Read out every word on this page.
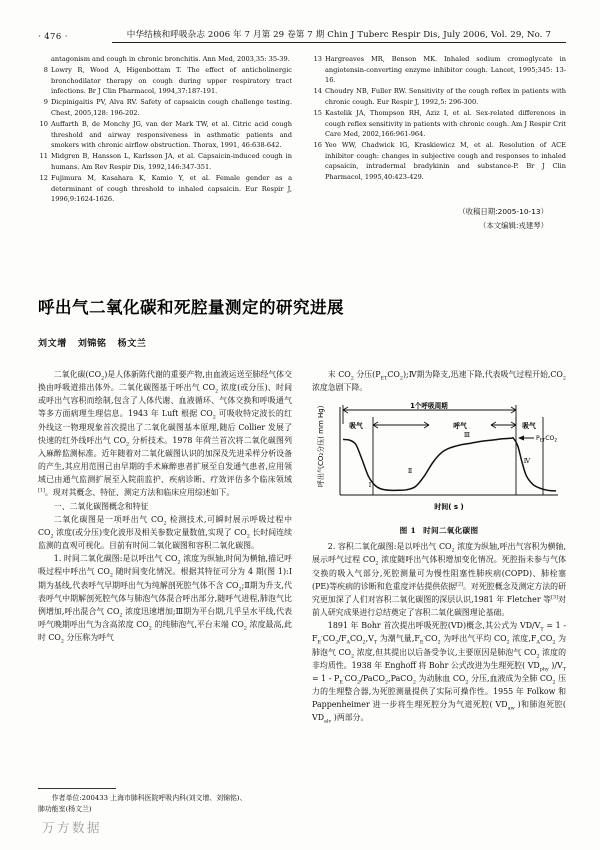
· 476 ·	中华结核和呼吸杂志 2006 年 7 月第 29 卷第 7 期 Chin J Tuberc Respir Dis, July 2006, Vol. 29, No. 7
antagonism and cough in chronic bronchitis. Ann Med, 2003,35: 35-39.
8 Lowry R, Wood A, Higenbottam T. The effect of anticholinergic bronchodilator therapy on cough during upper respiratory tract infections. Br J Clin Pharmacol, 1994,37:187-191.
9 Dicpinigaitis PV, Alva RV. Safety of capsaicin cough challenge testing. Chest, 2005,128: 196-202.
10 Auffarth B, de Monchy JG, van der Mark TW, et al. Citric acid cough threshold and airway responsiveness in asthmatic patients and smokers with chronic airflow obstruction. Thorax, 1991, 46:638-642.
11 Midgren B, Hansson L, Karlsson JA, et al. Capsaicin-induced cough in humans. Am Rev Respir Dis, 1992,146:347-351.
12 Fujimura M, Kasahara K, Kamio Y, et al. Female gender as a determinant of cough threshold to inhaled capsaicin. Eur Respir J, 1996,9:1624-1626.
13 Hargreaves MR, Benson MK. Inhaled sodium cromoglycate in angiotensin-converting enzyme inhibitor cough. Lancet, 1995;345: 13-16.
14 Choudry NB, Fuller RW. Sensitivity of the cough reflex in patients with chronic cough. Eur Respir J, 1992,5: 296-300.
15 Kastelik JA, Thompson RH, Aziz I, et al. Sex-related differences in cough reflex sensitivity in patients with chronic cough. Am J Respir Crit Care Med, 2002,166:961-964.
16 Yeo WW, Chadwick IG, Kraskiewicz M, et al. Resolution of ACE inhibitor cough: changes in subjective cough and responses to inhaled capsaicin, intradermal bradykinin and substance-P. Br J Clin Pharmacol, 1995,40:423-429.
（收稿日期:2005-10-13）
（本文编辑:戎建琴）
呼出气二氧化碳和死腔量测定的研究进展
刘文增 刘锦铭 杨文兰

二氧化碳$(CO_2)$是人体新陈代谢的重要产物,由血液运送至肺经气体交换由呼吸道排出体外。二氧化碳图基于呼出气 $CO_2$ 浓度(或分压)、时间或呼出气容积而绘制,包含了人体代谢、血液循环、气体交换和呼吸通气等多方面病理生理信息。1943 年 Luft 根据 $CO_2$ 可吸收特定波长的红外线这一物理现象首次提出了二氧化碳图基本原理,随后 Collier 发展了快速的红外线呼出气 $CO_2$ 分析技术。1978 年荷兰首次将二氧化碳图列入麻醉监测标准。近年随着对二氧化碳图认识的加深及先进采样分析设备的产生,其应用范围已由早期的手术麻醉患者扩展至自发通气患者,应用领域已由通气监测扩展至入院前监护、疾病诊断、疗效评估多个临床领域[1]。现对其概念、特征、测定方法和临床应用综述如下。

一、二氧化碳图概念和特征

二氧化碳图是一项呼出气 $CO_2$ 检测技术,可瞬时展示呼吸过程中 $CO_2$ 浓度(或分压)变化波形及相关参数定量数值,实现了 $CO_2$ 长时间连续监测的直观可视化。目前有时间二氧化碳图和容积二氧化碳图。

1. 时间二氧化碳图:是以呼出气 $CO_2$ 浓度为纵轴,时间为横轴,描记呼吸过程中呼出气 $CO_2$ 随时间变化情况。根据其特征可分为 4 期(图 1):Ⅰ期为基线,代表呼气早期呼出气为纯解剖死腔气体不含 $CO_2;Ⅱ$期为升支,代表呼气中期解剖死腔气体与肺泡气体混合呼出部分,随呼气进程,肺泡气比例增加,呼出混合气 $CO_2$ 浓度迅速增加;Ⅲ期为平台期,几乎呈水平线,代表呼气晚期呼出气为含高浓度 $CO_2$ 的纯肺泡气,平台末端 $CO_2$ 浓度最高,此时 $CO_2$ 分压称为呼气

末 $CO_2$ 分压$(P_{ET}CO_2);Ⅳ$期为降支,迅速下降,代表吸气过程开始$,CO_2$ 浓度急剧下降。

呼出气CO₂分压( mm Hg)	1个呼吸周期
吸气	呼气	吸气
$P_{ET}CO_2$
Ⅰ
Ⅱ
Ⅲ
Ⅳ
时间( s )
图 1 时间二氧化碳图

2. 容积二氧化碳图:是以呼出气 $CO_2$ 浓度为纵轴,呼出气容积为横轴,展示呼气过程 $CO_2$ 浓度随呼出气体积增加变化情况。死腔指未参与气体交换的吸入气部分,死腔测量可为慢性阻塞性肺疾病(COPD)、肺栓塞(PE)等疾病的诊断和危重度评估提供依据[2]。对死腔概念及测定方法的研究更加深了人们对容积二氧化碳图的深层认识,1981 年 Fletcher 等[3]对前人研究成果进行总结奠定了容积二氧化碳图理论基础。

1891 年 Bohr 首次提出呼吸死腔(VD)概念,其公式为 $VD/V_T = 1 - F_E^-CO_2/F_ACO_2,V_T$ 为潮气量$,F_E^-CO_2$ 为呼出气平均 $CO_2$ 浓度$,F_ACO_2$ 为肺泡气 $CO_2$ 浓度,但其提出以后备受争议,主要原因是肺泡气 $CO_2$ 浓度的非均质性。1938 年 Enghoff 将 Bohr 公式改进为生理死腔( $VD_{phy}$ )$/V_T = 1$ - $P_E^-CO_2/PaCO_2,PaCO_2$ 为动脉血 $CO_2$ 分压,血液成为全肺 $CO_2$ 压力的生理整合器,为死腔测量提供了实际可操作性。1955 年 Folkow 和 Pappenheimer 进一步将生理死腔分为气道死腔( $VD_{aw}$ )和肺泡死腔( $VD_{alv}$ )两部分。

作者单位:200433 上海市肺科医院呼吸内科(刘文增、刘锦铭)、

肺功能室(杨文兰)

万方数据
